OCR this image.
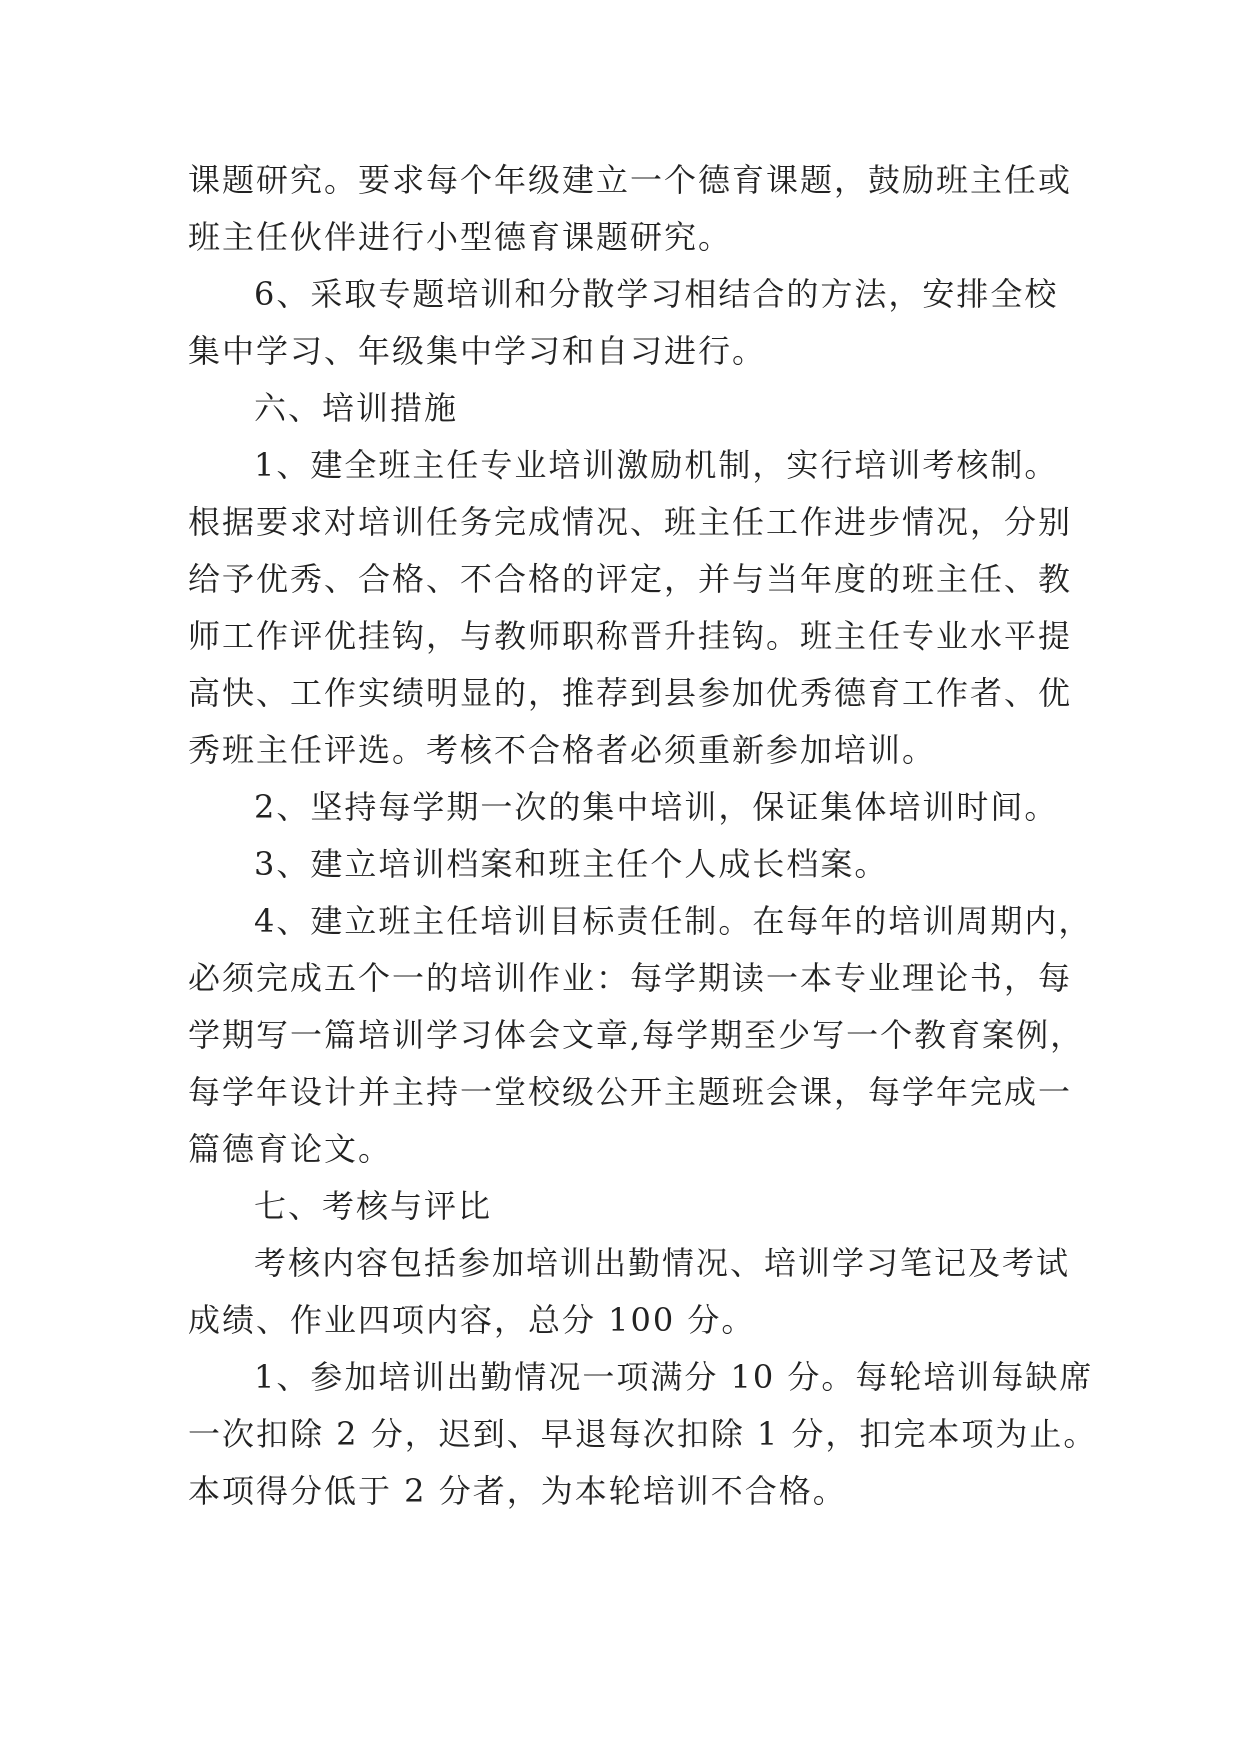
课题研究。要求每个年级建立一个德育课题，鼓励班主任或
班主任伙伴进行小型德育课题研究。
6、采取专题培训和分散学习相结合的方法，安排全校
集中学习、年级集中学习和自习进行。
六、培训措施
1、建全班主任专业培训激励机制，实行培训考核制。
根据要求对培训任务完成情况、班主任工作进步情况，分别
给予优秀、合格、不合格的评定，并与当年度的班主任、教
师工作评优挂钩，与教师职称晋升挂钩。班主任专业水平提
高快、工作实绩明显的，推荐到县参加优秀德育工作者、优
秀班主任评选。考核不合格者必须重新参加培训。
2、坚持每学期一次的集中培训，保证集体培训时间。
3、建立培训档案和班主任个人成长档案。
4、建立班主任培训目标责任制。在每年的培训周期内，
必须完成五个一的培训作业：每学期读一本专业理论书，每
学期写一篇培训学习体会文章,每学期至少写一个教育案例，
每学年设计并主持一堂校级公开主题班会课，每学年完成一
篇德育论文。
七、考核与评比
考核内容包括参加培训出勤情况、培训学习笔记及考试
成绩、作业四项内容，总分 100 分。
1、参加培训出勤情况一项满分 10 分。每轮培训每缺席
一次扣除 2 分，迟到、早退每次扣除 1 分，扣完本项为止。
本项得分低于 2 分者，为本轮培训不合格。
